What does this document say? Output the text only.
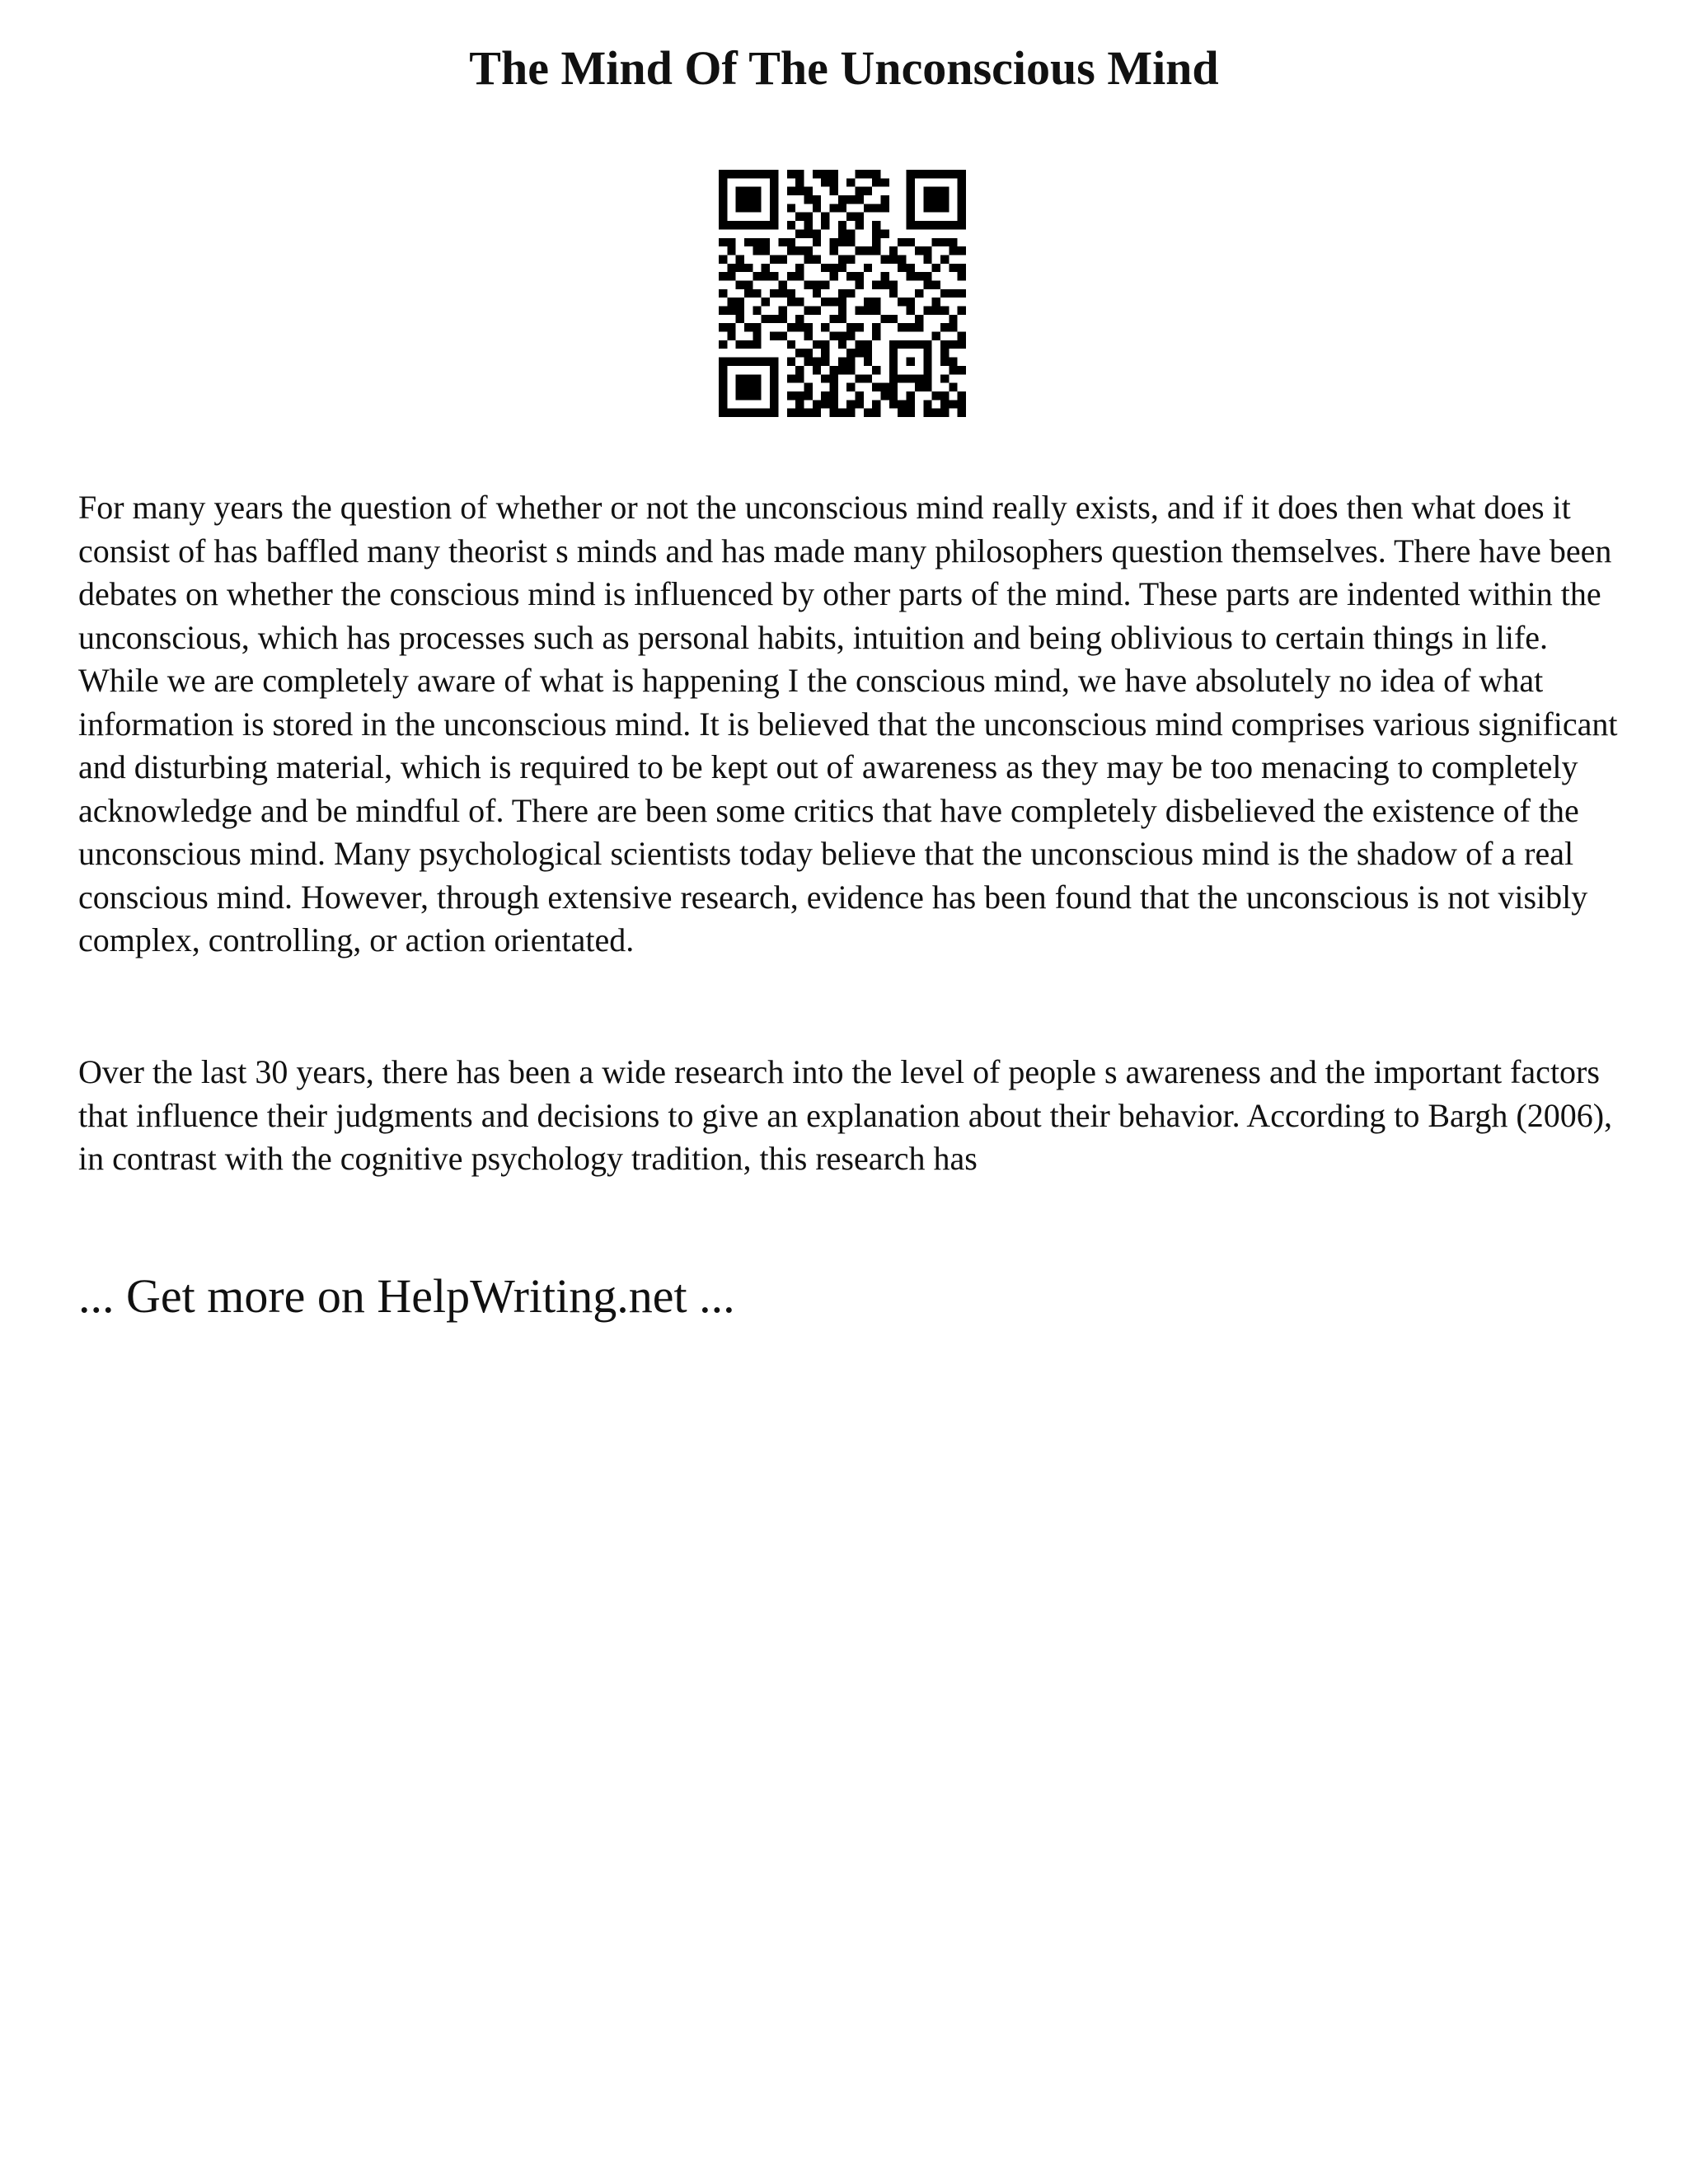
The Mind Of The Unconscious Mind

For many years the question of whether or not the unconscious mind really exists, and if it does then what does it consist of has baffled many theorist s minds and has made many philosophers question themselves. There have been debates on whether the conscious mind is influenced by other parts of the mind. These parts are indented within the unconscious, which has processes such as personal habits, intuition and being oblivious to certain things in life. While we are completely aware of what is happening I the conscious mind, we have absolutely no idea of what information is stored in the unconscious mind. It is believed that the unconscious mind comprises various significant and disturbing material, which is required to be kept out of awareness as they may be too menacing to completely acknowledge and be mindful of. There are been some critics that have completely disbelieved the existence of the unconscious mind. Many psychological scientists today believe that the unconscious mind is the shadow of a real conscious mind. However, through extensive research, evidence has been found that the unconscious is not visibly complex, controlling, or action orientated.

Over the last 30 years, there has been a wide research into the level of people s awareness and the important factors that influence their judgments and decisions to give an explanation about their behavior. According to Bargh (2006), in contrast with the cognitive psychology tradition, this research has

... Get more on HelpWriting.net ...
